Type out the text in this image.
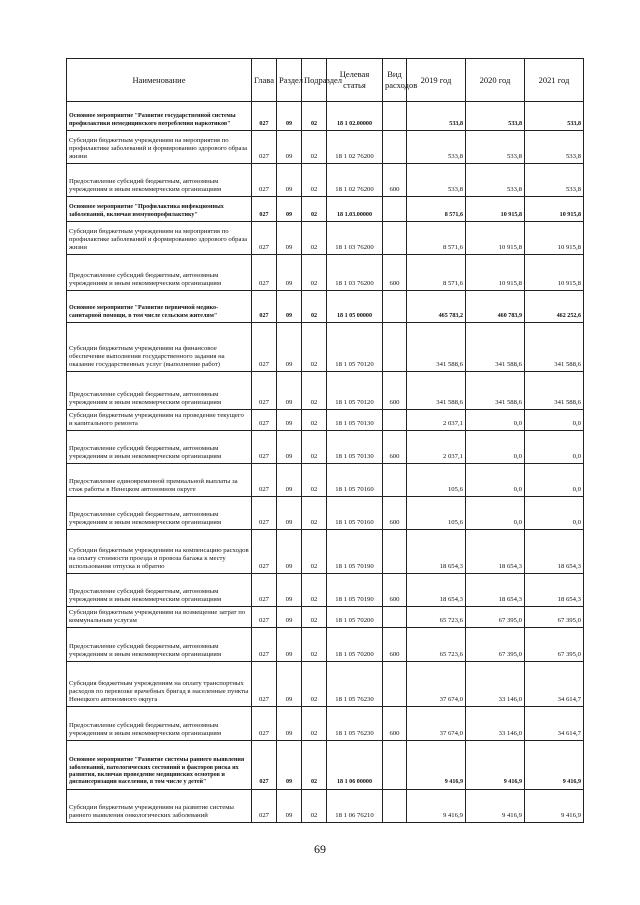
Наименование	Глава	Раздел	Подраздел	Целевая статья	Вид расходов	2019 год	2020 год	2021 год
Основное мероприятие "Развитие государственной системы профилактики немедицинского потребления наркотиков"	027	09	02	18 1 02.00000		533,8	533,8	533,8
Субсидии бюджетным учреждениям на мероприятия по профилактике заболеваний и формированию здорового образа жизни	027	09	02	18 1 02 76200		533,8	533,8	533,8
Предоставление субсидий бюджетным, автономным учреждениям и иным некоммерческим организациям	027	09	02	18 1 02 76200	600	533,8	533,8	533,8
Основное мероприятие "Профилактика инфекционных заболеваний, включая иммунопрофилактику"	027	09	02	18 1.03.00000		8 571,6	10 915,8	10 915,8
Субсидии бюджетным учреждениям на мероприятия по профилактике заболеваний и формированию здорового образа жизни	027	09	02	18 1 03 76200		8 571,6	10 915,8	10 915,8
Предоставление субсидий бюджетным, автономным учреждениям и иным некоммерческим организациям	027	09	02	18 1 03 76200	600	8 571,6	10 915,8	10 915,8
Основное мероприятие "Развитие первичной медико-санитарной помощи, в том числе сельским жителям"	027	09	02	18 1 05 00000		465 783,2	460 783,9	462 252,6
Субсидии бюджетным учреждениям на финансовое обеспечение выполнения государственного задания на оказание государственных услуг (выполнение работ)	027	09	02	18 1 05 70120		341 588,6	341 588,6	341 588,6
Предоставление субсидий бюджетным, автономным учреждениям и иным некоммерческим организациям	027	09	02	18 1 05 70120	600	341 588,6	341 588,6	341 588,6
Субсидии бюджетным учреждениям на проведение текущего и капитального ремонта	027	09	02	18 1 05 70130		2 037,1	0,0	0,0
Предоставление субсидий бюджетным, автономным учреждениям и иным некоммерческим организациям	027	09	02	18 1 05 70130	600	2 037,1	0,0	0,0
Предоставление единовременной премиальной выплаты за стаж работы в Ненецком автономном округе	027	09	02	18 1 05 70160		105,6	0,0	0,0
Предоставление субсидий бюджетным, автономным учреждениям и иным некоммерческим организациям	027	09	02	18 1 05 70160	600	105,6	0,0	0,0
Субсидии бюджетным учреждениям на компенсацию расходов на оплату стоимости проезда и провоза багажа к месту использования отпуска и обратно	027	09	02	18 1 05 70190		18 654,3	18 654,3	18 654,3
Предоставление субсидий бюджетным, автономным учреждениям и иным некоммерческим организациям	027	09	02	18 1 05 70190	600	18 654,3	18 654,3	18 654,3
Субсидии бюджетным учреждениям на возмещение затрат по коммунальным услугам	027	09	02	18 1 05 70200		65 723,6	67 395,0	67 395,0
Предоставление субсидий бюджетным, автономным учреждениям и иным некоммерческим организациям	027	09	02	18 1 05 70200	600	65 723,6	67 395,0	67 395,0
Субсидия бюджетным учреждениям на оплату транспортных расходов по перевозке врачебных бригад в населенные пункты Ненецкого автономного округа	027	09	02	18 1 05 76230		37 674,0	33 146,0	34 614,7
Предоставление субсидий бюджетным, автономным учреждениям и иным некоммерческим организациям	027	09	02	18 1 05 76230	600	37 674,0	33 146,0	34 614,7
Основное мероприятие "Развитие системы раннего выявления заболеваний, патологических состояний и факторов риска их развития, включая проведение медицинских осмотров и диспансеризации населения, в том числе у детей"	027	09	02	18 1 06 00000		9 416,9	9 416,9	9 416,9
Субсидии бюджетным учреждениям на развитие системы раннего выявления онкологических заболеваний	027	09	02	18 1 06 76210		9 416,9	9 416,9	9 416,9
69
